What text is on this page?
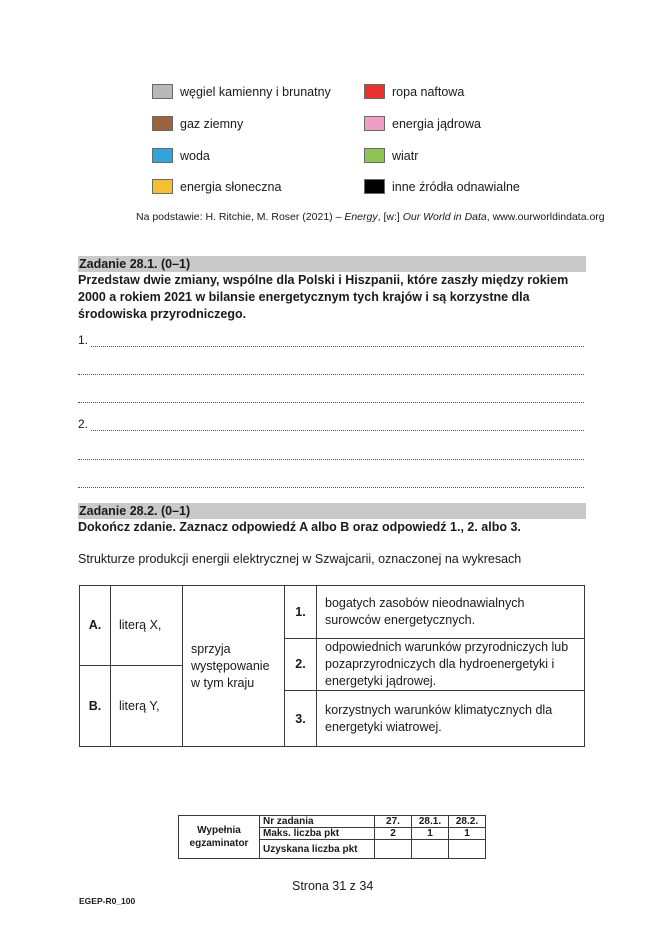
węgiel kamienny i brunatny
gaz ziemny
woda
energia słoneczna
ropa naftowa
energia jądrowa
wiatr
inne źródła odnawialne
Na podstawie: H. Ritchie, M. Roser (2021) – Energy, [w:] Our World in Data, www.ourworldindata.org
Zadanie 28.1. (0–1)
Przedstaw dwie zmiany, wspólne dla Polski i Hiszpanii, które zaszły między rokiem 2000 a rokiem 2021 w bilansie energetycznym tych krajów i są korzystne dla środowiska przyrodniczego.
1.
2.
Zadanie 28.2. (0–1)
Dokończ zdanie. Zaznacz odpowiedź A albo B oraz odpowiedź 1., 2. albo 3.
Strukturze produkcji energii elektrycznej w Szwajcarii, oznaczonej na wykresach
A.	literą X,	sprzyja występowanie w tym kraju	1.	bogatych zasobów nieodnawialnych surowców energetycznych.
			2.	odpowiednich warunków przyrodniczych lub pozaprzyrodniczych dla hydroenergetyki i energetyki jądrowej.
B.	literą Y,			
			3.	korzystnych warunków klimatycznych dla energetyki wiatrowej.
Wypełnia egzaminator	Nr zadania	27.	28.1.	28.2.
	Maks. liczba pkt	2	1	1
	Uzyskana liczba pkt			
Strona 31 z 34
EGEP-R0_100
